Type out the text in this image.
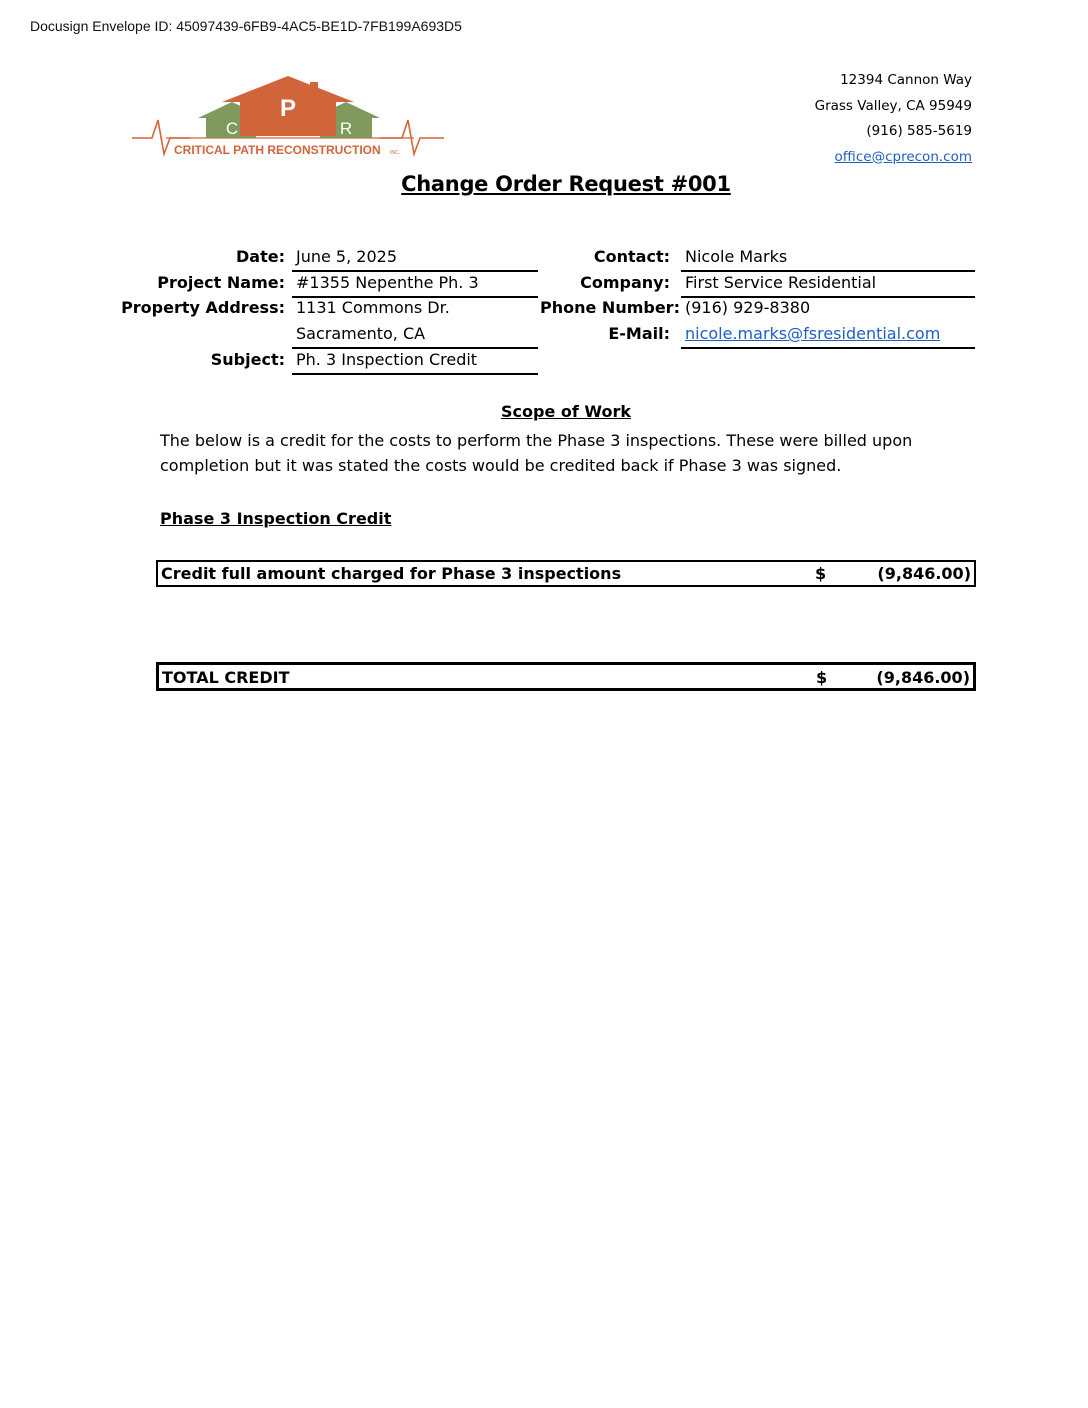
Docusign Envelope ID: 45097439-6FB9-4AC5-BE1D-7FB199A693D5
P
C	R
CRITICAL PATH RECONSTRUCTION INC.
12394 Cannon Way
Grass Valley, CA 95949
(916) 585-5619
office@cprecon.com
Change Order Request #001
Date: June 5, 2025
Project Name: #1355 Nepenthe Ph. 3
Property Address: 1131 Commons Dr.
Sacramento, CA
Subject: Ph. 3 Inspection Credit
Contact: Nicole Marks
Company: First Service Residential
Phone Number: (916) 929-8380
E-Mail: nicole.marks@fsresidential.com
Scope of Work
The below is a credit for the costs to perform the Phase 3 inspections. These were billed upon completion but it was stated the costs would be credited back if Phase 3 was signed.
Phase 3 Inspection Credit
Credit full amount charged for Phase 3 inspections	$	(9,846.00)
TOTAL CREDIT	$	(9,846.00)
